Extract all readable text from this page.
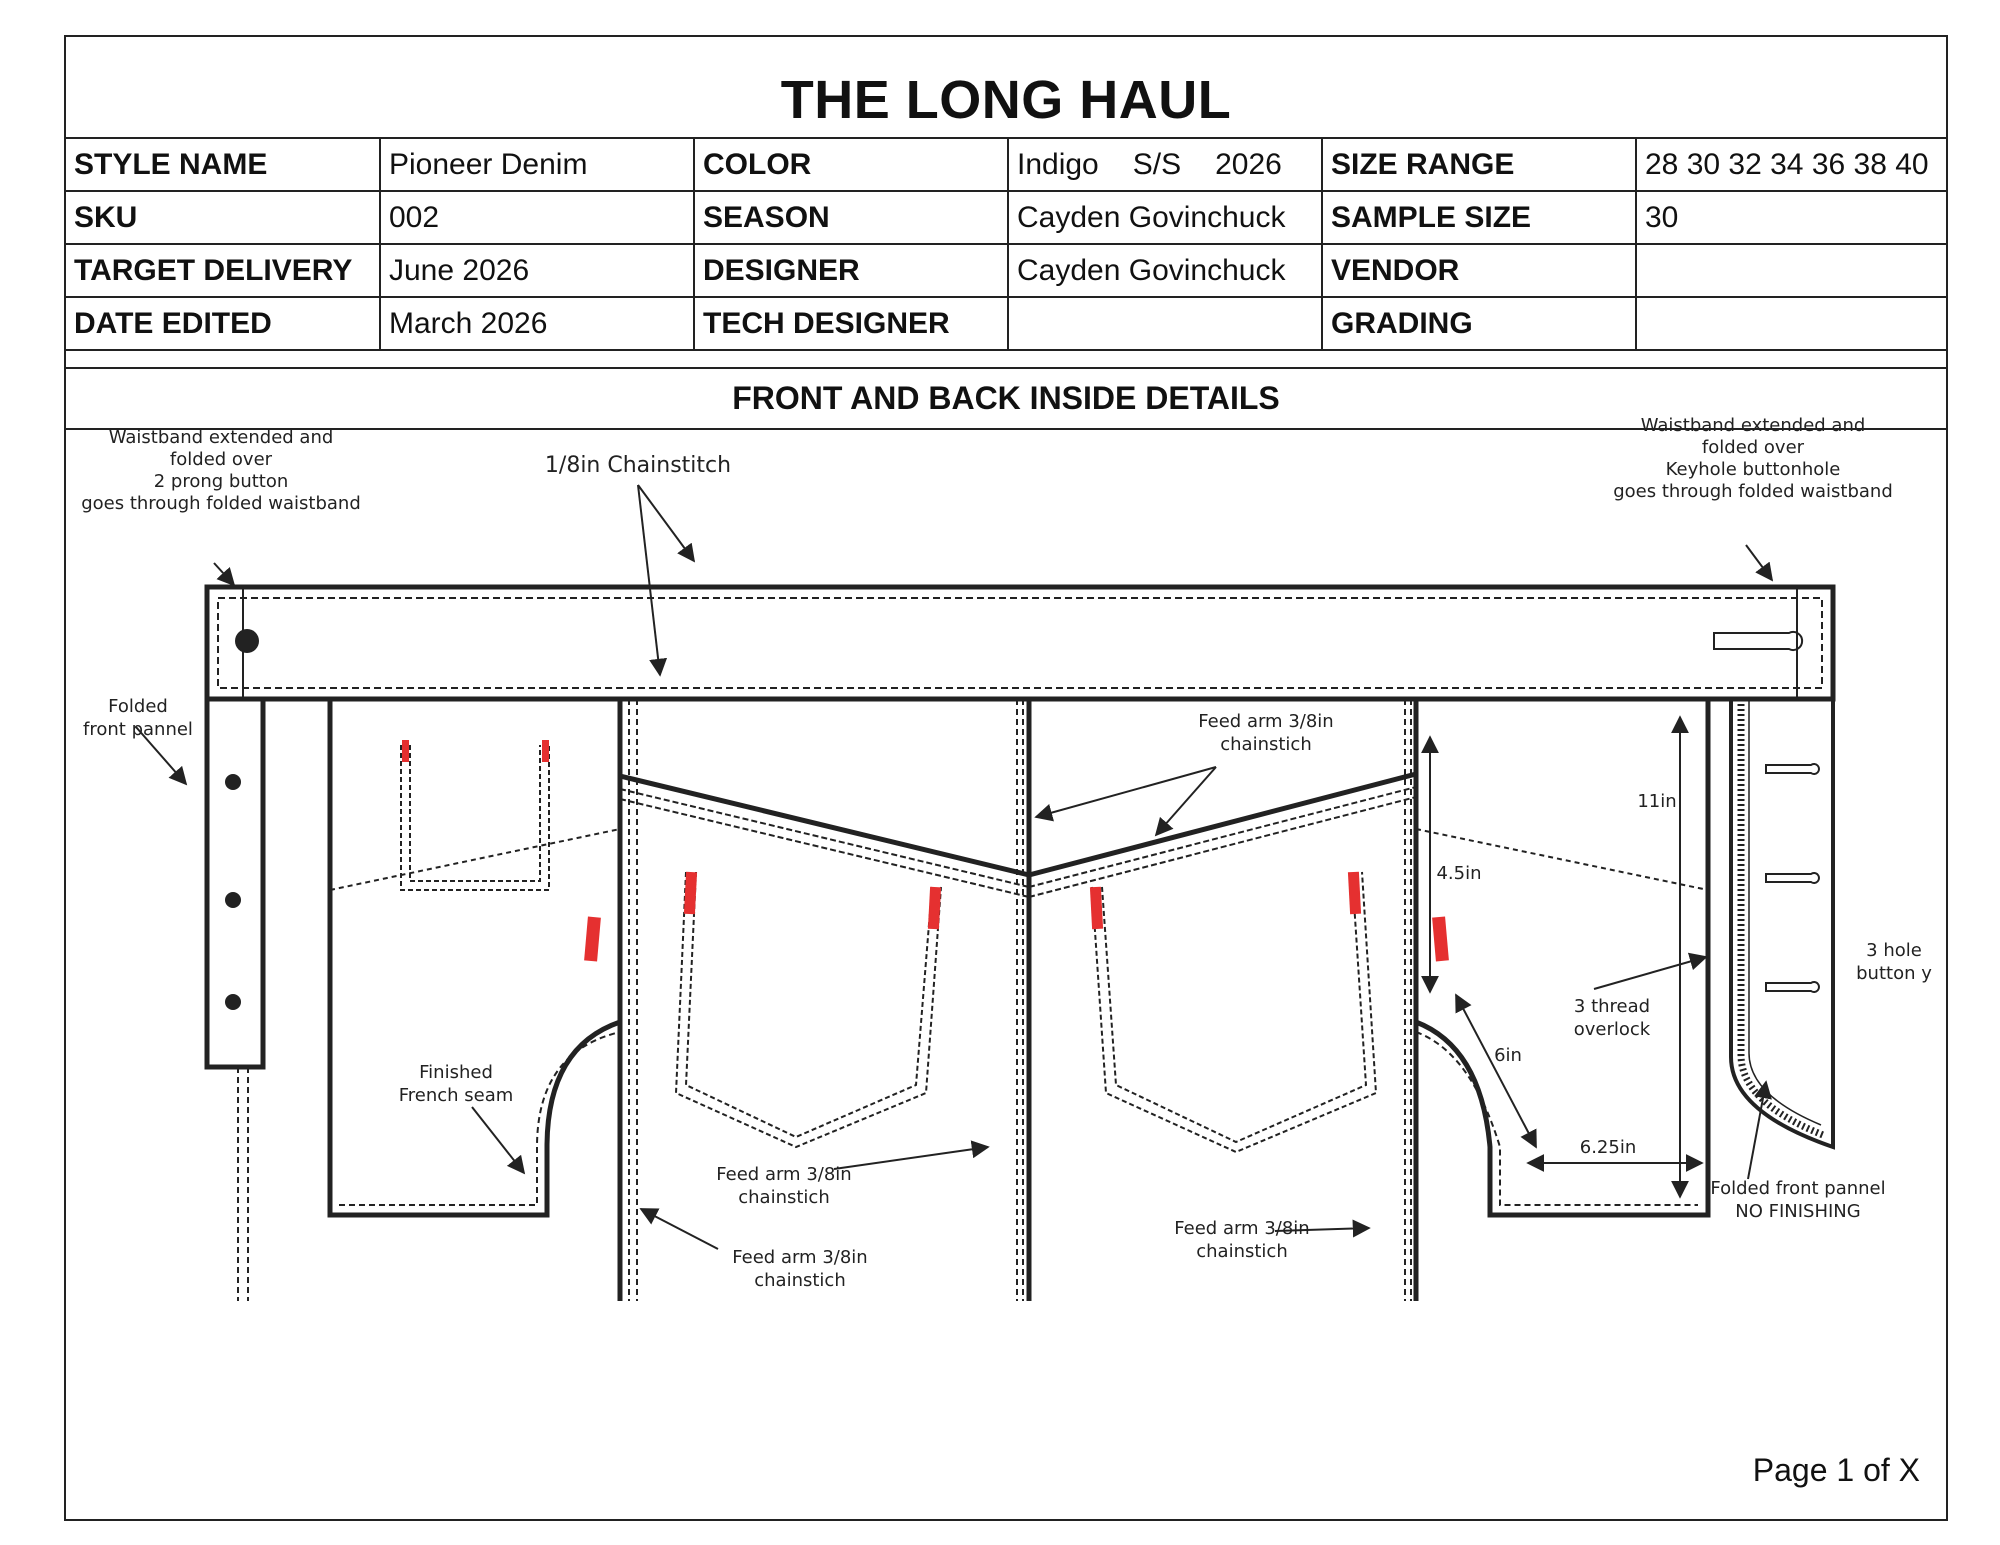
THE LONG HAUL
STYLE NAME	Pioneer Denim	COLOR	Indigo S/S 2026	SIZE RANGE	28 30 32 34 36 38 40
SKU	002	SEASON	Cayden Govinchuck	SAMPLE SIZE	30
TARGET DELIVERY	June 2026	DESIGNER	Cayden Govinchuck	VENDOR	
DATE EDITED	March 2026	TECH DESIGNER		GRADING	
FRONT AND BACK INSIDE DETAILS
Waistband extended and folded over 2 prong button goes through folded waistband
1/8in Chainstitch
Waistband extended and folded over Keyhole buttonhole goes through folded waistband
Folded front pannel	Feed arm 3/8in chainstich
Finished French seam
Feed arm 3/8in chainstich
Feed arm 3/8in chainstich
Feed arm 3/8in chainstich
3 thread overlock
3 hole button y
Folded front pannel NO FINISHING
11in
4.5in
6in
6.25in
Page 1 of X
